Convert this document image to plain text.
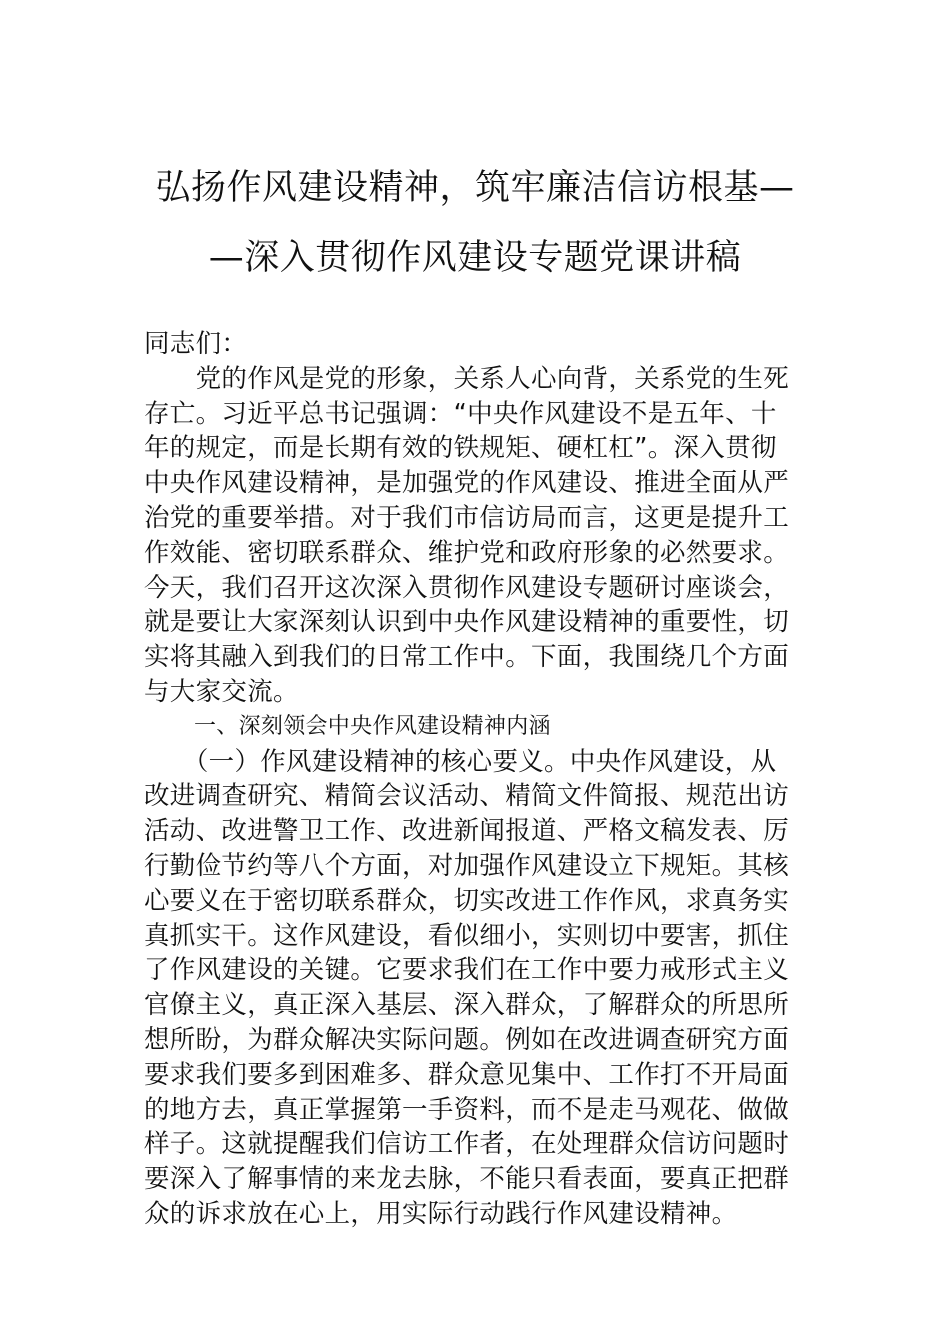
弘扬作风建设精神，筑牢廉洁信访根基—
—深入贯彻作风建设专题党课讲稿
同志们：
　　党的作风是党的形象，关系人心向背，关系党的生死
存亡。习近平总书记强调：“中央作风建设不是五年、十
年的规定，而是长期有效的铁规矩、硬杠杠”。深入贯彻
中央作风建设精神，是加强党的作风建设、推进全面从严
治党的重要举措。对于我们市信访局而言，这更是提升工
作效能、密切联系群众、维护党和政府形象的必然要求。
今天，我们召开这次深入贯彻作风建设专题研讨座谈会，
就是要让大家深刻认识到中央作风建设精神的重要性，切
实将其融入到我们的日常工作中。下面，我围绕几个方面
与大家交流。
一、深刻领会中央作风建设精神内涵
　　（一）作风建设精神的核心要义。中央作风建设，从
改进调查研究、精简会议活动、精简文件简报、规范出访
活动、改进警卫工作、改进新闻报道、严格文稿发表、厉
行勤俭节约等八个方面，对加强作风建设立下规矩。其核
心要义在于密切联系群众，切实改进工作作风，求真务实
真抓实干。这作风建设，看似细小，实则切中要害，抓住
了作风建设的关键。它要求我们在工作中要力戒形式主义
官僚主义，真正深入基层、深入群众，了解群众的所思所
想所盼，为群众解决实际问题。例如在改进调查研究方面
要求我们要多到困难多、群众意见集中、工作打不开局面
的地方去，真正掌握第一手资料，而不是走马观花、做做
样子。这就提醒我们信访工作者，在处理群众信访问题时
要深入了解事情的来龙去脉，不能只看表面，要真正把群
众的诉求放在心上，用实际行动践行作风建设精神。
